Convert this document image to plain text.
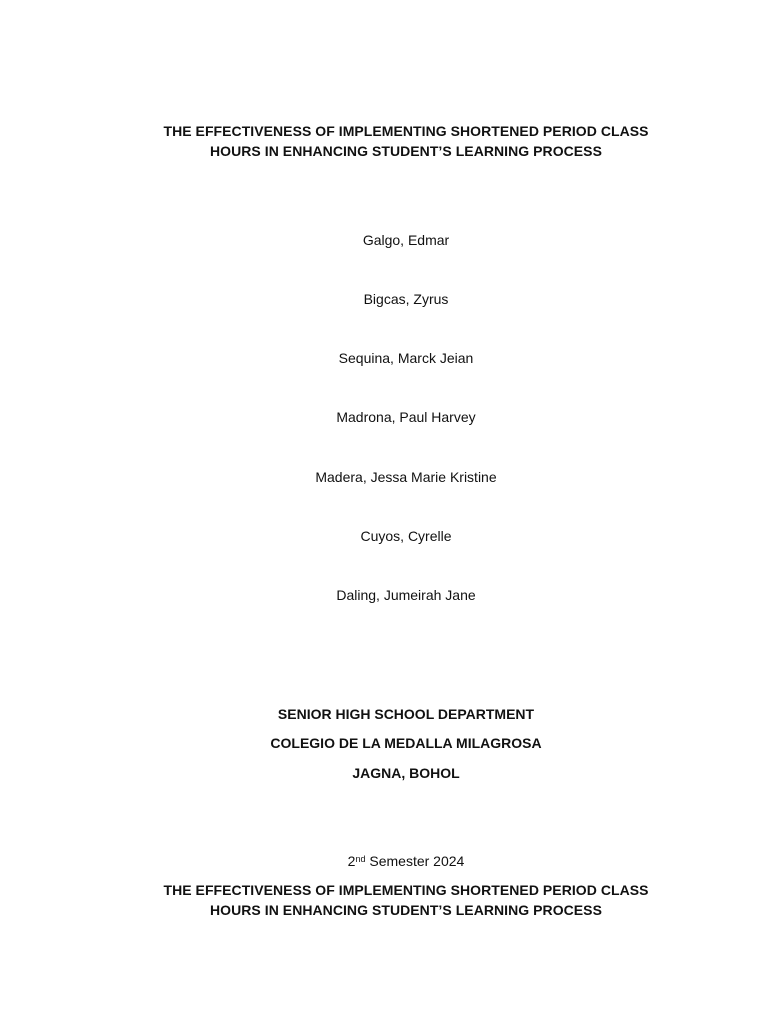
THE EFFECTIVENESS OF IMPLEMENTING SHORTENED PERIOD CLASS
HOURS IN ENHANCING STUDENT’S LEARNING PROCESS
Galgo, Edmar
Bigcas, Zyrus
Sequina, Marck Jeian
Madrona, Paul Harvey
Madera, Jessa Marie Kristine
Cuyos, Cyrelle
Daling, Jumeirah Jane
SENIOR HIGH SCHOOL DEPARTMENT
COLEGIO DE LA MEDALLA MILAGROSA
JAGNA, BOHOL
2nd Semester 2024
THE EFFECTIVENESS OF IMPLEMENTING SHORTENED PERIOD CLASS
HOURS IN ENHANCING STUDENT’S LEARNING PROCESS
